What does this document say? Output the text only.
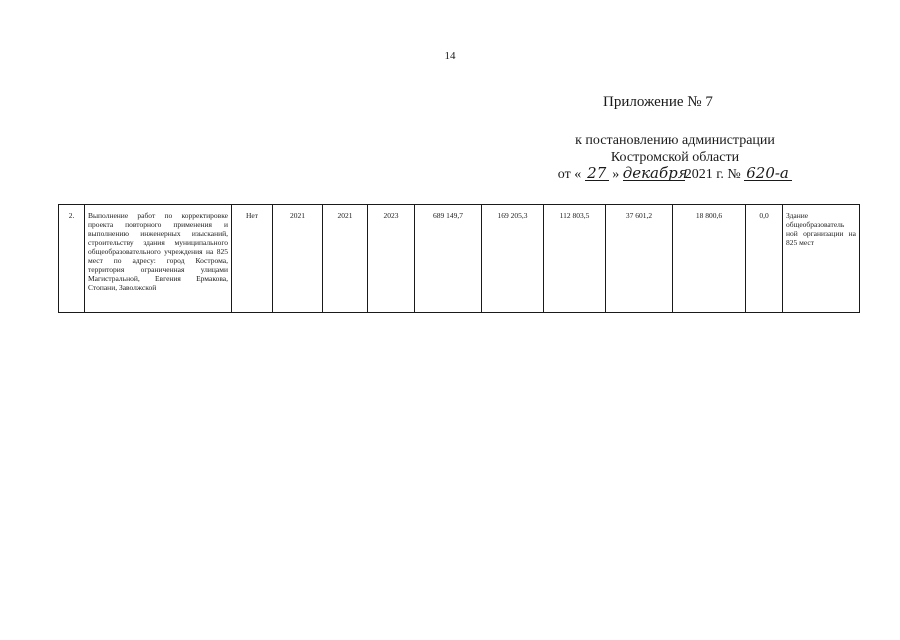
14
Приложение № 7
к постановлению администрации
Костромской области
от « 27 » декабря2021 г. № 620-а
2.	Выполнение работ по корректировке проекта повторного применения и выполнению инженерных изысканий, строительству здания муниципального общеобразовательного учреждения на 825 мест по адресу: город Кострома, территория ограниченная улицами Магистральной, Евгения Ермакова, Стопани, Заволжской	Нет	2021	2021	2023	689 149,7	169 205,3	112 803,5	37 601,2	18 800,6	0,0	Здание общеобразователь ной организации на 825 мест
